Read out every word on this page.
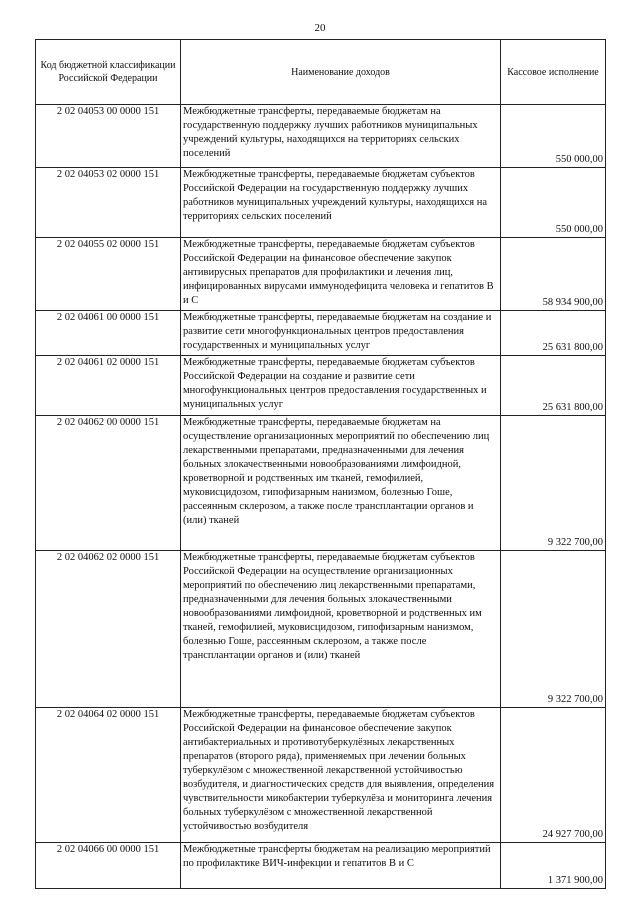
20
Код бюджетной классификации Российской Федерации	Наименование доходов	Кассовое исполнение
2 02 04053 00 0000 151	Межбюджетные трансферты, передаваемые бюджетам на государственную поддержку лучших работников муниципальных учреждений культуры, находящихся на территориях сельских поселений	550 000,00
2 02 04053 02 0000 151	Межбюджетные трансферты, передаваемые бюджетам субъектов Российской Федерации на государственную поддержку лучших работников муниципальных учреждений культуры, находящихся на территориях сельских поселений	550 000,00
2 02 04055 02 0000 151	Межбюджетные трансферты, передаваемые бюджетам субъектов Российской Федерации на финансовое обеспечение закупок антивирусных препаратов для профилактики и лечения лиц, инфицированных вирусами иммунодефицита человека и гепатитов В и С	58 934 900,00
2 02 04061 00 0000 151	Межбюджетные трансферты, передаваемые бюджетам на создание и развитие сети многофункциональных центров предоставления государственных и муниципальных услуг	25 631 800,00
2 02 04061 02 0000 151	Межбюджетные трансферты, передаваемые бюджетам субъектов Российской Федерации на создание и развитие сети многофункциональных центров предоставления государственных и муниципальных услуг	25 631 800,00
2 02 04062 00 0000 151	Межбюджетные трансферты, передаваемые бюджетам на осуществление организационных мероприятий по обеспечению лиц лекарственными препаратами, предназначенными для лечения больных злокачественными новообразованиями лимфоидной, кроветворной и родственных им тканей, гемофилией, муковисцидозом, гипофизарным нанизмом, болезнью Гоше, рассеянным склерозом, а также после трансплантации органов и (или) тканей	9 322 700,00
2 02 04062 02 0000 151	Межбюджетные трансферты, передаваемые бюджетам субъектов Российской Федерации на осуществление организационных мероприятий по обеспечению лиц лекарственными препаратами, предназначенными для лечения больных злокачественными новообразованиями лимфоидной, кроветворной и родственных им тканей, гемофилией, муковисцидозом, гипофизарным нанизмом, болезнью Гоше, рассеянным склерозом, а также после трансплантации органов и (или) тканей	9 322 700,00
2 02 04064 02 0000 151	Межбюджетные трансферты, передаваемые бюджетам субъектов Российской Федерации на финансовое обеспечение закупок антибактериальных и противотуберкулёзных лекарственных препаратов (второго ряда), применяемых при лечении больных туберкулёзом с множественной лекарственной устойчивостью возбудителя, и диагностических средств для выявления, определения чувствительности микобактерии туберкулёза и мониторинга лечения больных туберкулёзом с множественной лекарственной устойчивостью возбудителя	24 927 700,00
2 02 04066 00 0000 151	Межбюджетные трансферты бюджетам на реализацию мероприятий по профилактике ВИЧ-инфекции и гепатитов В и С	1 371 900,00
